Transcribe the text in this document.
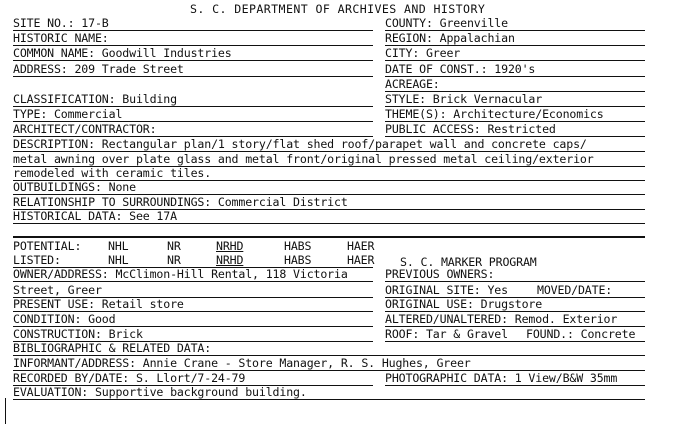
S. C. DEPARTMENT OF ARCHIVES AND HISTORY
SITE NO.: 17-B
HISTORIC NAME:
COMMON NAME: Goodwill Industries
ADDRESS: 209 Trade Street
COUNTY: Greenville
REGION: Appalachian
CITY: Greer
DATE OF CONST.: 1920's
ACREAGE:
CLASSIFICATION: Building
TYPE: Commercial
ARCHITECT/CONTRACTOR:
STYLE: Brick Vernacular
THEME(S): Architecture/Economics
PUBLIC ACCESS: Restricted
DESCRIPTION: Rectangular plan/1 story/flat shed roof/parapet wall and concrete caps/
metal awning over plate glass and metal front/original pressed metal ceiling/exterior
remodeled with ceramic tiles.
OUTBUILDINGS: None
RELATIONSHIP TO SURROUNDINGS: Commercial District
HISTORICAL DATA: See 17A
POTENTIAL: NHL	NR	NRHD	HABS	HAER
LISTED:	NHL	NR	NRHD	HABS	HAER S. C. MARKER PROGRAM
OWNER/ADDRESS: McClimon-Hill Rental, 118 Victoria
Street, Greer
PREVIOUS OWNERS:
ORIGINAL SITE: Yes	MOVED/DATE:
PRESENT USE: Retail store	ORIGINAL USE: Drugstore
CONDITION: Good	ALTERED/UNALTERED: Remod. Exterior
CONSTRUCTION: Brick	ROOF: Tar & Gravel FOUND.: Concrete
BIBLIOGRAPHIC & RELATED DATA:
INFORMANT/ADDRESS: Annie Crane - Store Manager, R. S. Hughes, Greer
RECORDED BY/DATE: S. Llort/7-24-79	PHOTOGRAPHIC DATA: 1 View/B&W 35mm
EVALUATION: Supportive background building.
